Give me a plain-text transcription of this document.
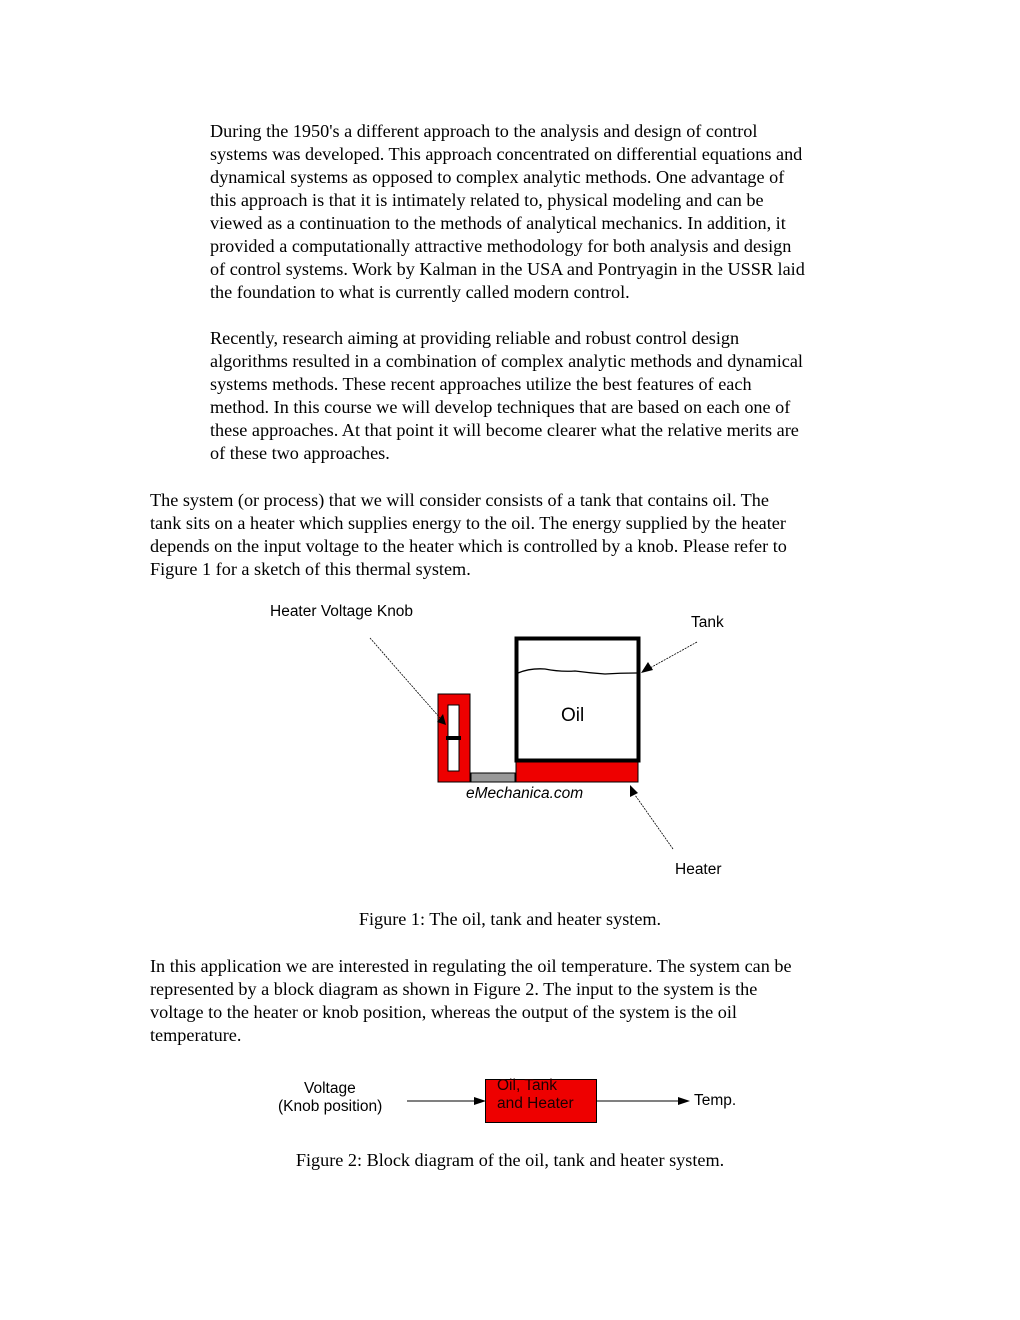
During the 1950's a different approach to the analysis and design of control
systems was developed. This approach concentrated on differential equations and
dynamical systems as opposed to complex analytic methods. One advantage of
this approach is that it is intimately related to, physical modeling and can be
viewed as a continuation to the methods of analytical mechanics. In addition, it
provided a computationally attractive methodology for both analysis and design
of control systems. Work by Kalman in the USA and Pontryagin in the USSR laid
the foundation to what is currently called modern control.
Recently, research aiming at providing reliable and robust control design
algorithms resulted in a combination of complex analytic methods and dynamical
systems methods. These recent approaches utilize the best features of each
method. In this course we will develop techniques that are based on each one of
these approaches. At that point it will become clearer what the relative merits are
of these two approaches.
The system (or process) that we will consider consists of a tank that contains oil. The
tank sits on a heater which supplies energy to the oil. The energy supplied by the heater
depends on the input voltage to the heater which is controlled by a knob. Please refer to
Figure 1 for a sketch of this thermal system.
Heater Voltage Knob
Tank
Oil
eMechanica.com
Heater
Figure 1: The oil, tank and heater system.
In this application we are interested in regulating the oil temperature. The system can be
represented by a block diagram as shown in Figure 2. The input to the system is the
voltage to the heater or knob position, whereas the output of the system is the oil
temperature.
Voltage
(Knob position)
Oil, Tank
and Heater	Temp.
Figure 2: Block diagram of the oil, tank and heater system.
